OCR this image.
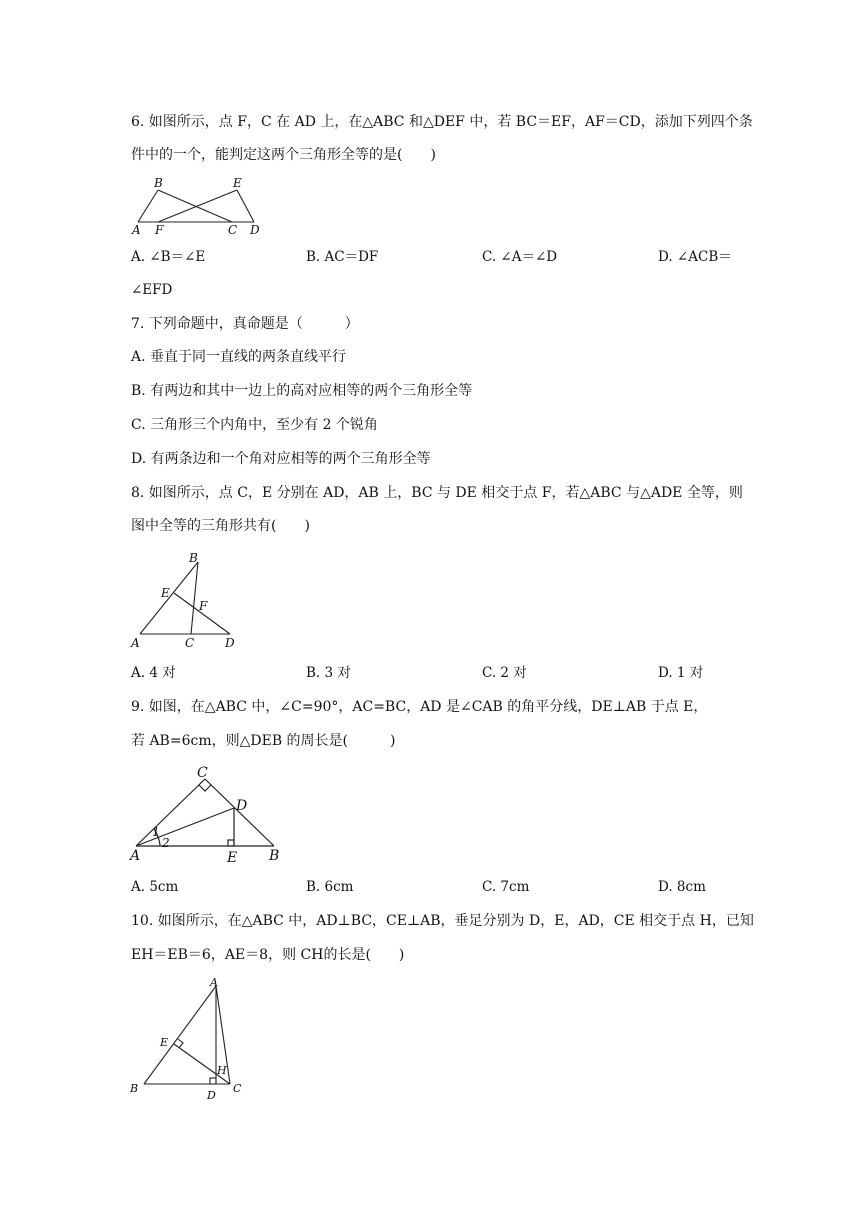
6. 如图所示，点 F，C 在 AD 上，在△ABC 和△DEF 中，若 BC＝EF，AF＝CD，添加下列四个条
件中的一个，能判定这两个三角形全等的是(　　)
B	E
A F	C D
A. ∠B＝∠E	B. AC＝DF	C. ∠A＝∠D	D. ∠ACB＝
∠EFD
7. 下列命题中，真命题是（　　　）
A. 垂直于同一直线的两条直线平行
B. 有两边和其中一边上的高对应相等的两个三角形全等
C. 三角形三个内角中，至少有 2 个锐角
D. 有两条边和一个角对应相等的两个三角形全等
8. 如图所示，点 C，E 分别在 AD，AB 上，BC 与 DE 相交于点 F，若△ABC 与△ADE 全等，则
图中全等的三角形共有(　　)
B
E
F
A	C	D
A. 4 对	B. 3 对	C. 2 对	D. 1 对
9. 如图，在△ABC 中，∠C=90°，AC=BC，AD 是∠CAB 的角平分线，DE⊥AB 于点 E，
若 AB=6cm，则△DEB 的周长是(　　　)
C
D
A	E B
1
2
A. 5cm	B. 6cm	C. 7cm	D. 8cm
10. 如图所示，在△ABC 中，AD⊥BC，CE⊥AB，垂足分别为 D，E，AD，CE 相交于点 H，已知
EH＝EB＝6，AE＝8，则 CH的长是(　　)
A
E
H
B
D
C
